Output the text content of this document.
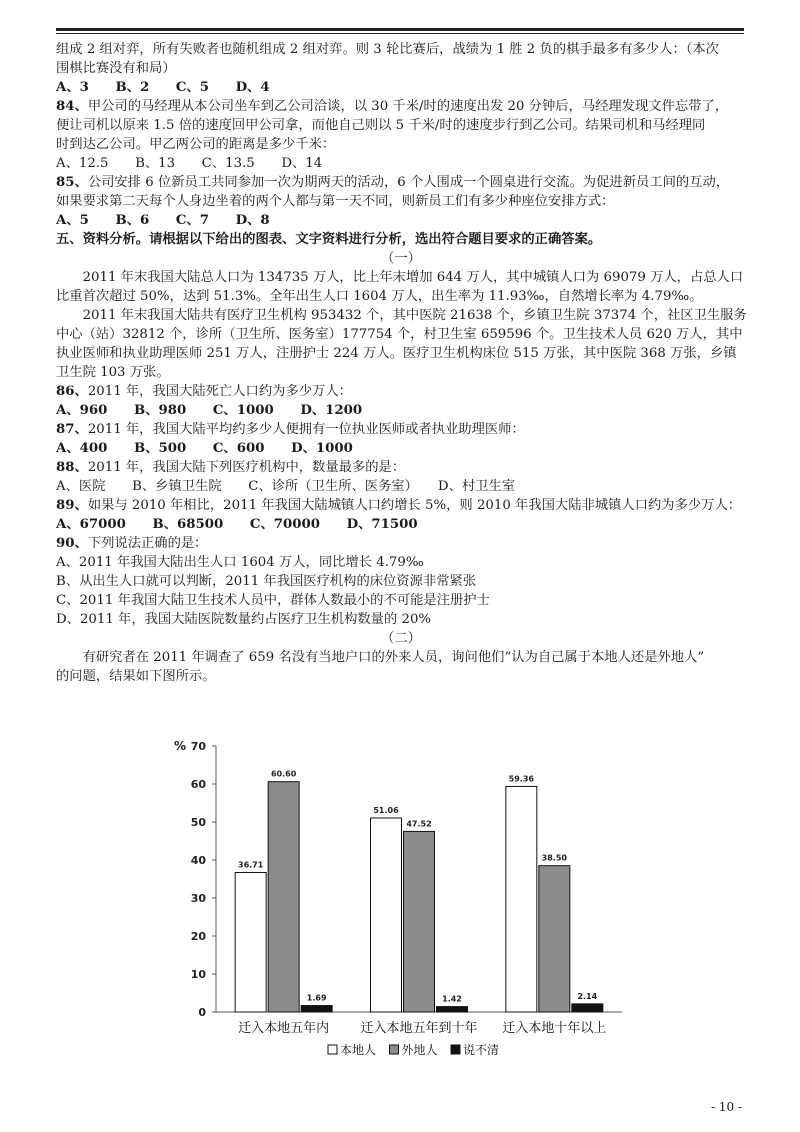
组成 2 组对弈，所有失败者也随机组成 2 组对弈。则 3 轮比赛后，战绩为 1 胜 2 负的棋手最多有多少人：（本次
围棋比赛没有和局）
A、3　　B、2　　C、5　　D、4
84、甲公司的马经理从本公司坐车到乙公司洽谈，以 30 千米/时的速度出发 20 分钟后，马经理发现文件忘带了，
便让司机以原来 1.5 倍的速度回甲公司拿，而他自己则以 5 千米/时的速度步行到乙公司。结果司机和马经理同
时到达乙公司。甲乙两公司的距离是多少千米：
A、12.5　　B、13　　C、13.5　　D、14
85、公司安排 6 位新员工共同参加一次为期两天的活动，6 个人围成一个圆桌进行交流。为促进新员工间的互动，
如果要求第二天每个人身边坐着的两个人都与第一天不同，则新员工们有多少种座位安排方式：
A、5　　B、6　　C、7　　D、8
五、资料分析。请根据以下给出的图表、文字资料进行分析，选出符合题目要求的正确答案。
（一）
2011 年末我国大陆总人口为 134735 万人，比上年末增加 644 万人，其中城镇人口为 69079 万人，占总人口
比重首次超过 50%，达到 51.3%。全年出生人口 1604 万人，出生率为 11.93‰，自然增长率为 4.79‰。
2011 年末我国大陆共有医疗卫生机构 953432 个，其中医院 21638 个，乡镇卫生院 37374 个，社区卫生服务
中心（站）32812 个，诊所（卫生所、医务室）177754 个，村卫生室 659596 个。卫生技术人员 620 万人，其中
执业医师和执业助理医师 251 万人，注册护士 224 万人。医疗卫生机构床位 515 万张，其中医院 368 万张，乡镇
卫生院 103 万张。
86、2011 年，我国大陆死亡人口约为多少万人：
A、960　　B、980　　C、1000　　D、1200
87、2011 年，我国大陆平均约多少人便拥有一位执业医师或者执业助理医师：
A、400　　B、500　　C、600　　D、1000
88、2011 年，我国大陆下列医疗机构中，数量最多的是：
A、医院　　B、乡镇卫生院　　C、诊所（卫生所、医务室）　　D、村卫生室
89、如果与 2010 年相比，2011 年我国大陆城镇人口约增长 5%，则 2010 年我国大陆非城镇人口约为多少万人：
A、67000　　B、68500　　C、70000　　D、71500
90、下列说法正确的是：
A、2011 年我国大陆出生人口 1604 万人，同比增长 4.79‰
B、从出生人口就可以判断，2011 年我国医疗机构的床位资源非常紧张
C、2011 年我国大陆卫生技术人员中，群体人数最小的不可能是注册护士
D、2011 年，我国大陆医院数量约占医疗卫生机构数量的 20%
（二）
有研究者在 2011 年调查了 659 名没有当地户口的外来人员，询问他们“认为自己属于本地人还是外地人”
的问题，结果如下图所示。
0
10
20
30
40
50
60
70
%
36.71
60.60
1.69
迁入本地五年内
51.06
47.52
1.42
迁入本地五年到十年
59.36
38.50
2.14
迁入本地十年以上
本地人 外地人 说不清
- 10 -
